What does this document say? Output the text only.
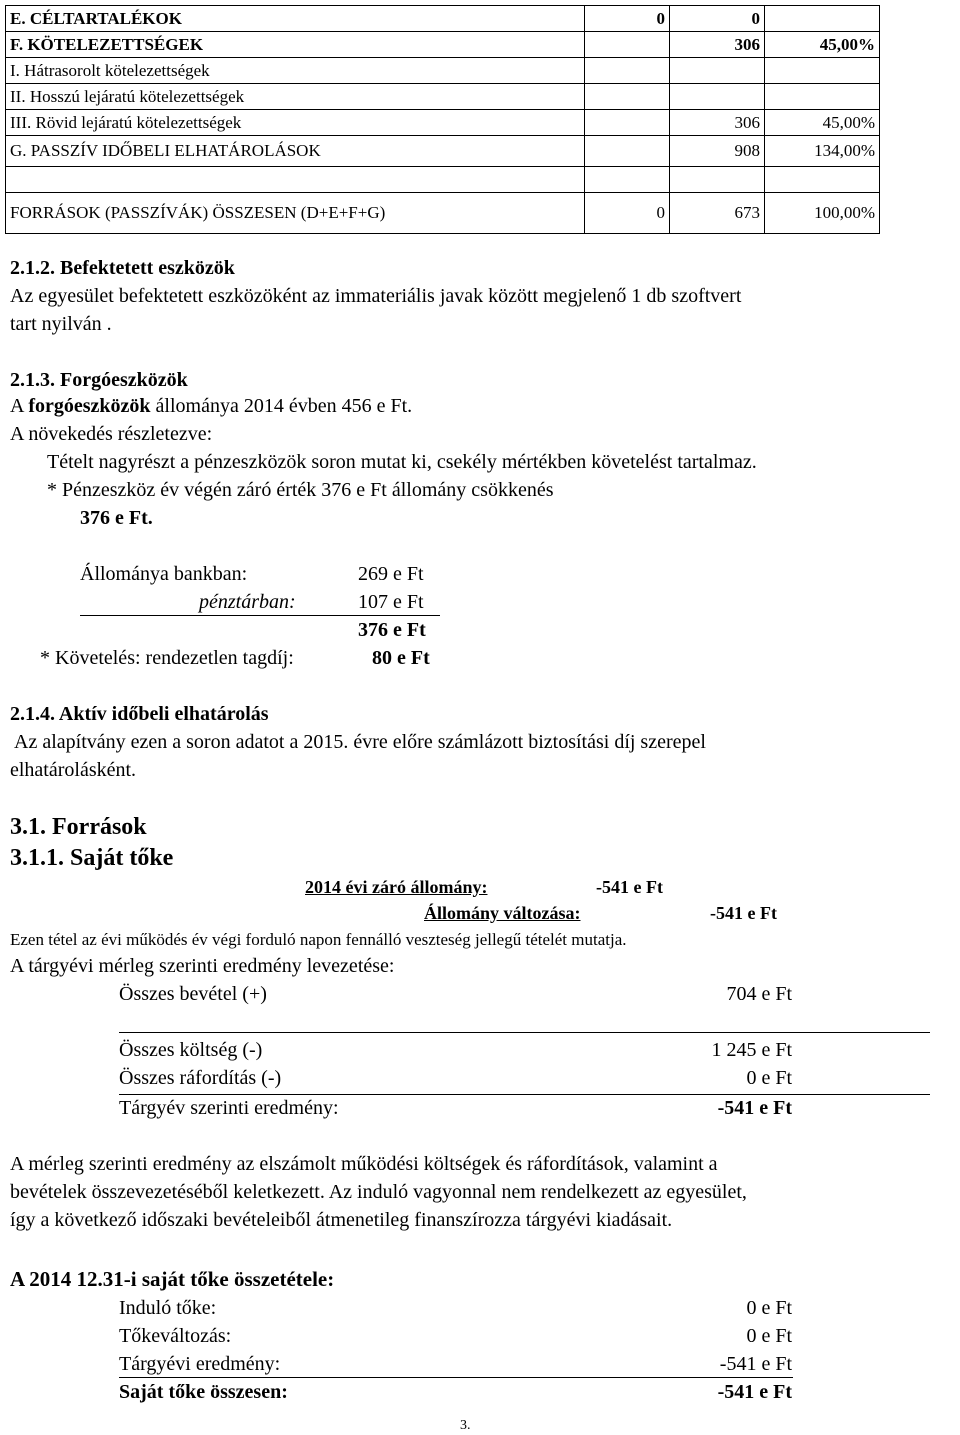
E. CÉLTARTALÉKOK	0	0	
F. KÖTELEZETTSÉGEK		306	45,00%
I. Hátrasorolt kötelezettségek			
II. Hosszú lejáratú kötelezettségek			
III. Rövid lejáratú kötelezettségek		306	45,00%
G. PASSZÍV IDŐBELI ELHATÁROLÁSOK		908	134,00%

FORRÁSOK (PASSZÍVÁK) ÖSSZESEN (D+E+F+G)	0	673	100,00%
2.1.2. Befektetett eszközök
Az egyesület befektetett eszközöként az immateriális javak között megjelenő 1 db szoftvert
tart nyilván .
2.1.3. Forgóeszközök
A forgóeszközök állománya 2014 évben 456 e Ft.
A növekedés részletezve:
Tételt nagyrészt a pénzeszközök soron mutat ki, csekély mértékben követelést tartalmaz.
* Pénzeszköz év végén záró érték 376 e Ft állomány csökkenés
376 e Ft.
Állománya bankban:	269 e Ft
pénztárban:	107 e Ft
376 e Ft
* Követelés: rendezetlen tagdíj:	80 e Ft
2.1.4. Aktív időbeli elhatárolás
Az alapítvány ezen a soron adatot a 2015. évre előre számlázott biztosítási díj szerepel
elhatárolásként.
3.1. Források
3.1.1. Saját tőke
2014 évi záró állomány:	-541 e Ft
Állomány változása:	-541 e Ft
Ezen tétel az évi működés év végi forduló napon fennálló veszteség jellegű tételét mutatja.
A tárgyévi mérleg szerinti eredmény levezetése:
Összes bevétel (+)	704 e Ft
Összes költség (-)	1 245 e Ft
Összes ráfordítás (-)	0 e Ft
Tárgyév szerinti eredmény:	-541 e Ft
A mérleg szerinti eredmény az elszámolt működési költségek és ráfordítások, valamint a
bevételek összevezetéséből keletkezett. Az induló vagyonnal nem rendelkezett az egyesület,
így a következő időszaki bevételeiből átmenetileg finanszírozza tárgyévi kiadásait.
A 2014 12.31-i saját tőke összetétele:
Induló tőke:	0 e Ft
Tőkeváltozás:	0 e Ft
Tárgyévi eredmény:	-541 e Ft
Saját tőke összesen:	-541 e Ft
3.
